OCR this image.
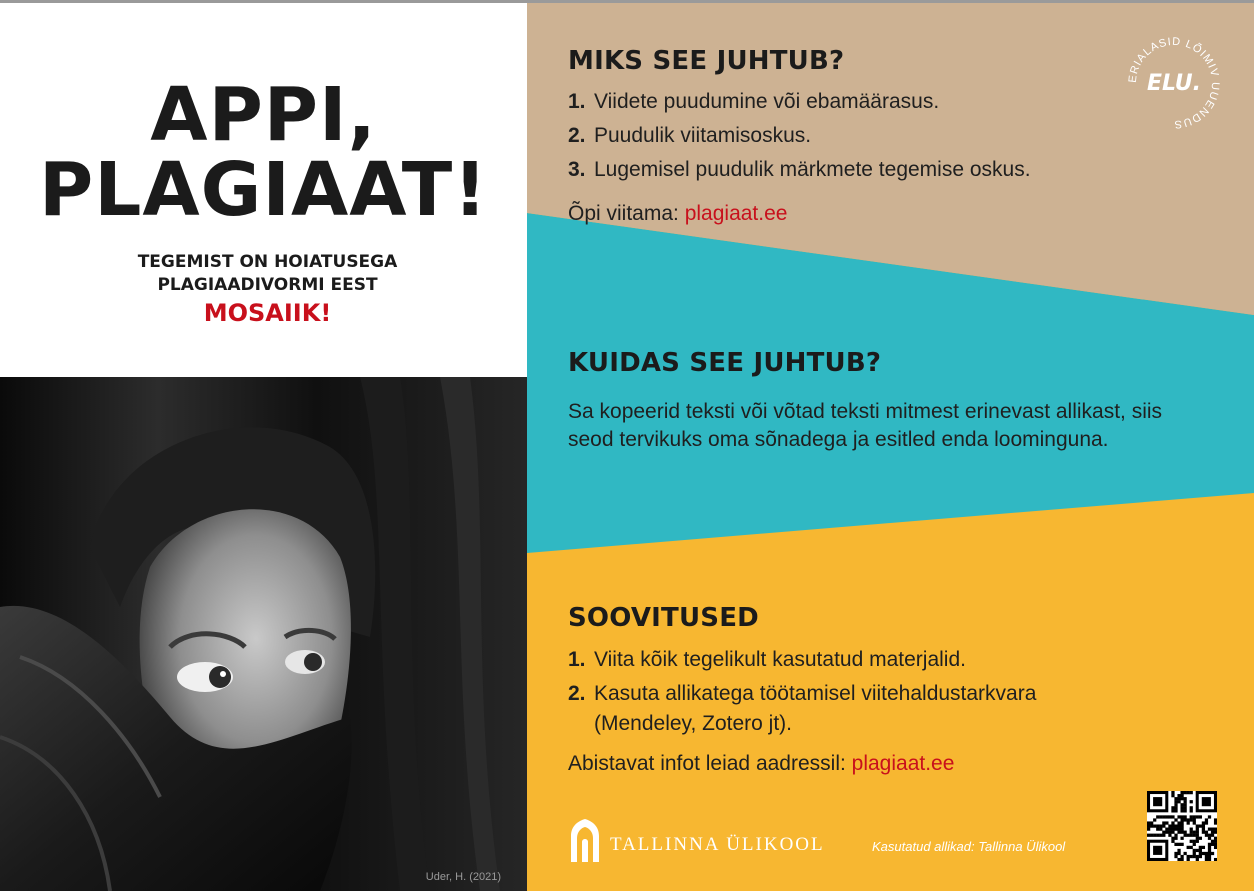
APPI,
PLAGIAAT!
TEGEMIST ON HOIATUSEGA
PLAGIAADIVORMI EEST
MOSAIIK!
Uder, H. (2021)
ERIALASID LÕIMIV UUENDUS
ELU.
MIKS SEE JUHTUB?
1. Viidete puudumine või ebamäärasus.
2. Puudulik viitamisoskus.
3. Lugemisel puudulik märkmete tegemise oskus.
Õpi viitama: plagiaat.ee
KUIDAS SEE JUHTUB?
Sa kopeerid teksti või võtad teksti mitmest erinevast allikast, siis seod tervikuks oma sõnadega ja esitled enda loominguna.
SOOVITUSED
1. Viita kõik tegelikult kasutatud materjalid.
2. Kasuta allikatega töötamisel viitehaldustarkvara
(Mendeley, Zotero jt).
Abistavat infot leiad aadressil: plagiaat.ee
TALLINNA ÜLIKOOL	Kasutatud allikad: Tallinna Ülikool
